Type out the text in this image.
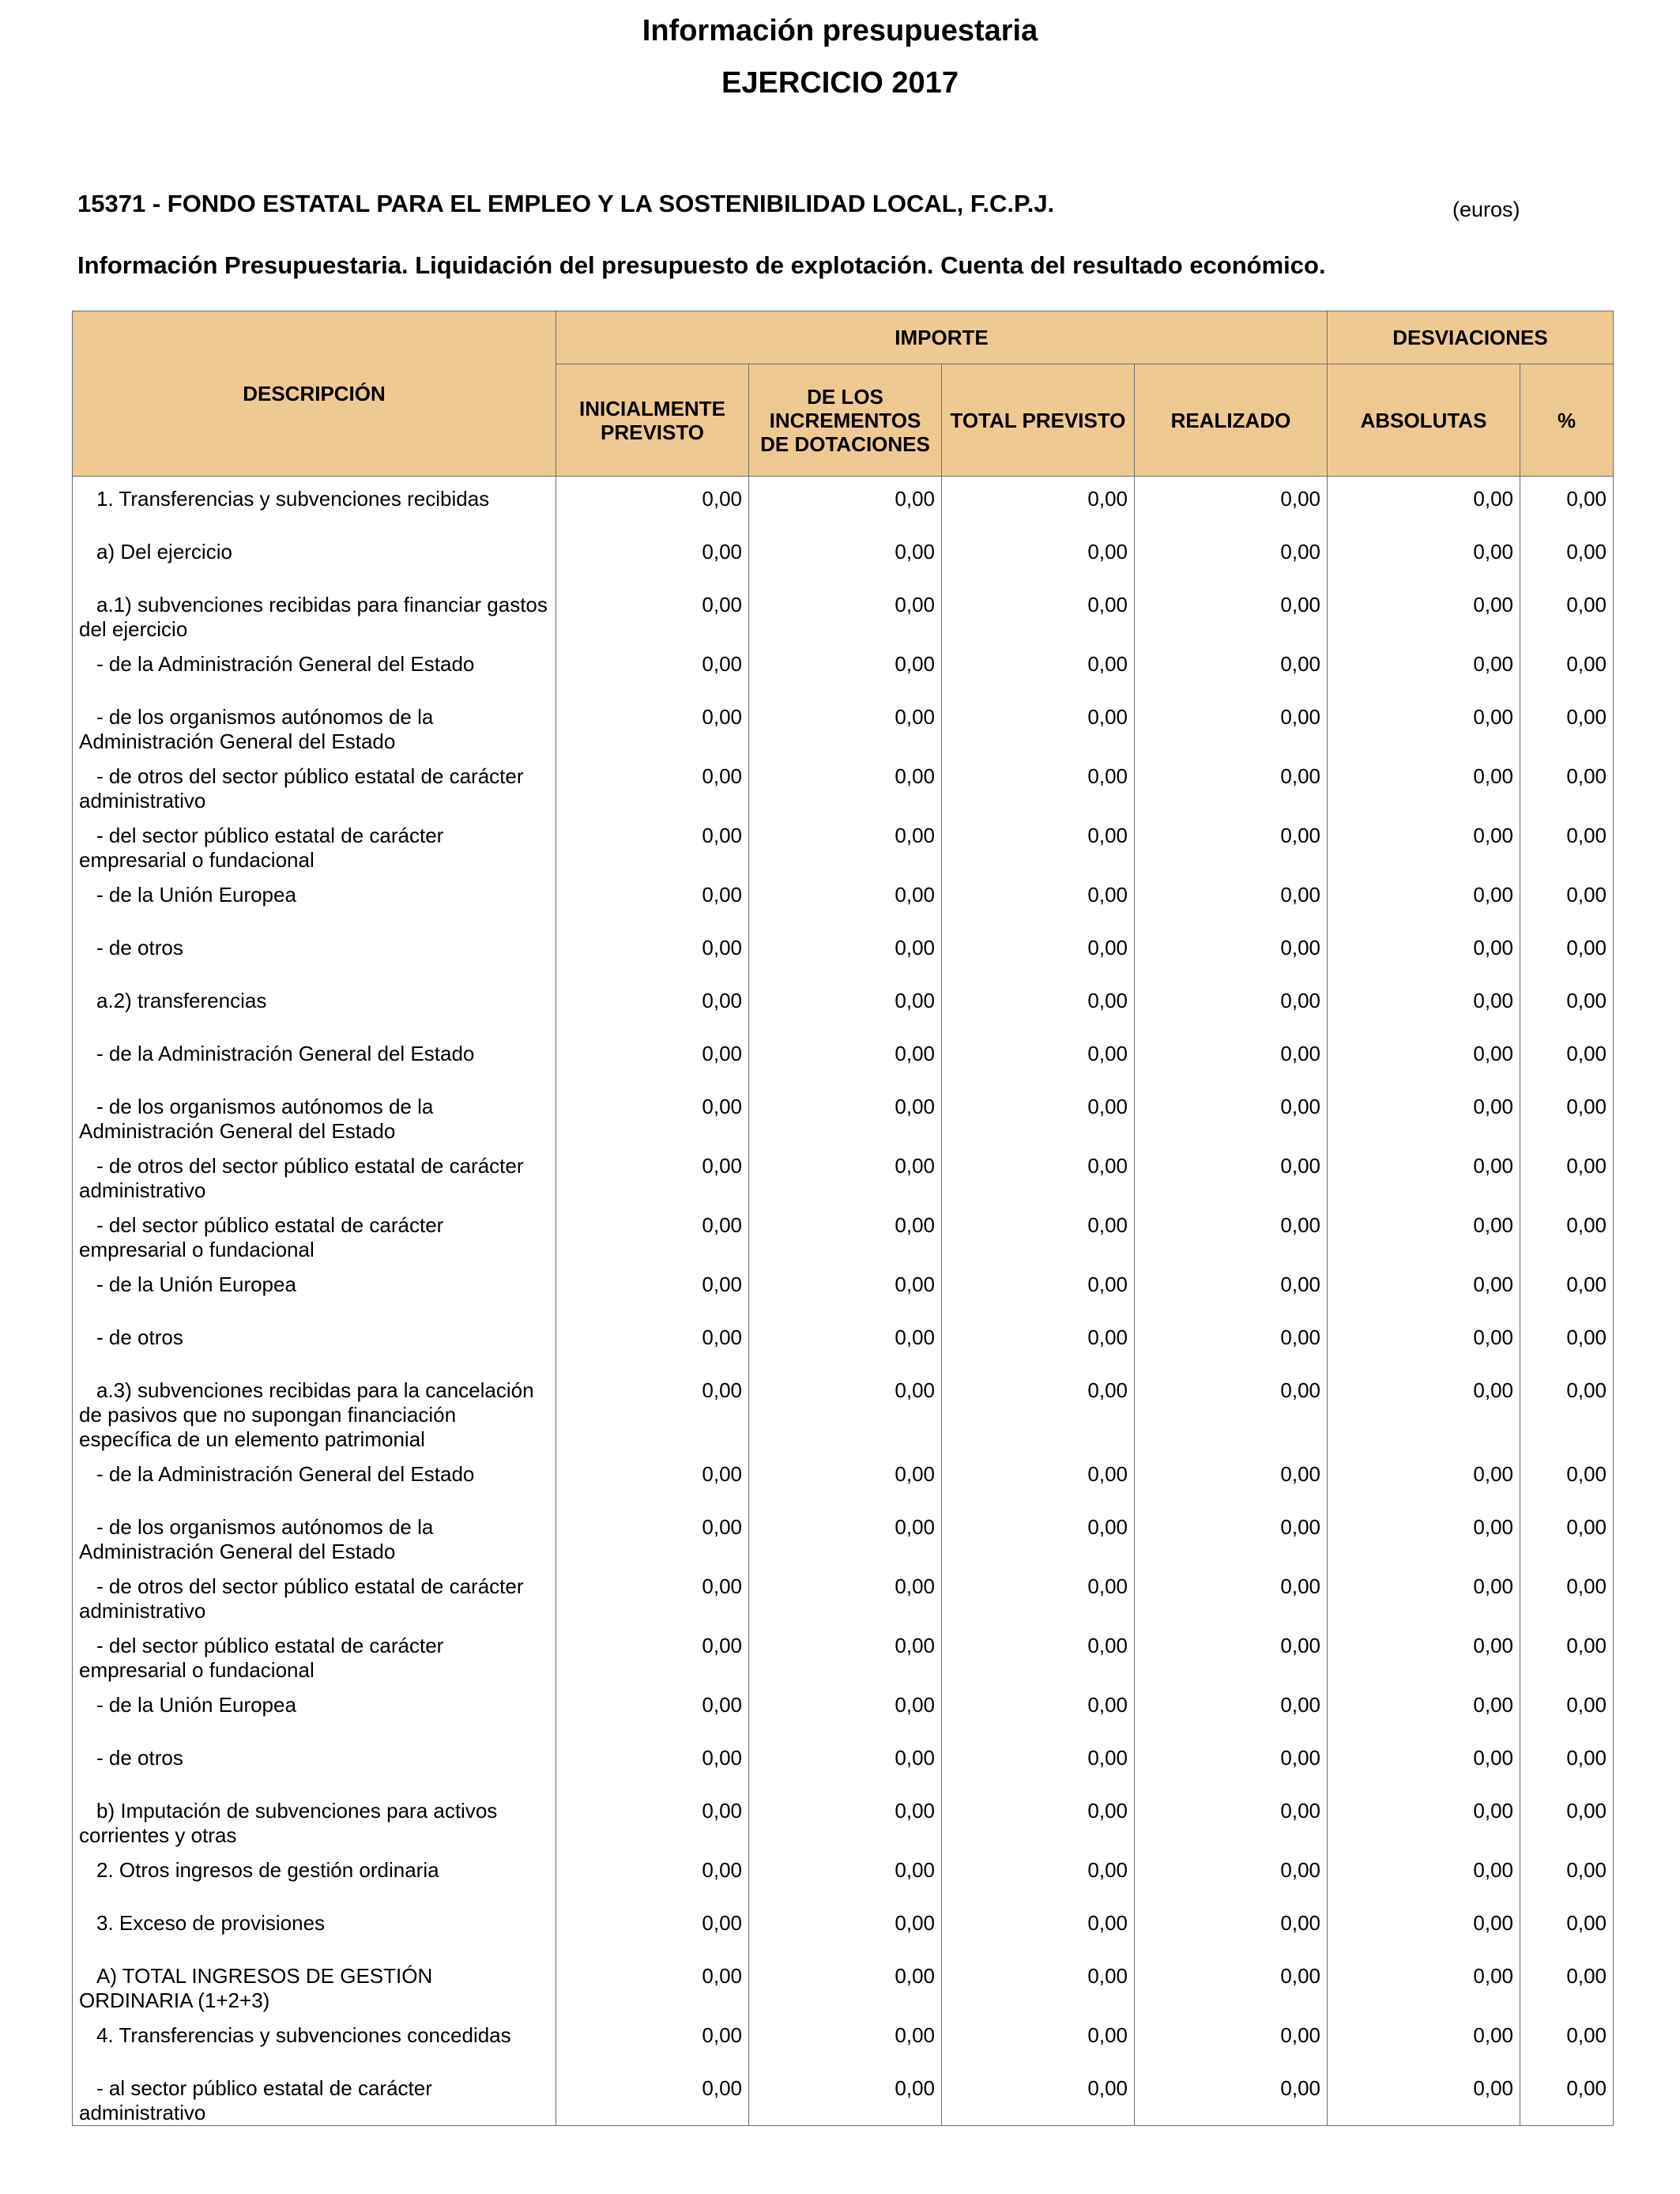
Información presupuestaria
EJERCICIO 2017
15371 - FONDO ESTATAL PARA EL EMPLEO Y LA SOSTENIBILIDAD LOCAL, F.C.P.J.	(euros)
Información Presupuestaria. Liquidación del presupuesto de explotación. Cuenta del resultado económico.
DESCRIPCIÓN	IMPORTE				DESVIACIONES	
	INICIALMENTE PREVISTO	DE LOS INCREMENTOS DE DOTACIONES	TOTAL PREVISTO	REALIZADO	ABSOLUTAS	%
1. Transferencias y subvenciones recibidas	0,00	0,00	0,00	0,00	0,00	0,00
a) Del ejercicio	0,00	0,00	0,00	0,00	0,00	0,00
a.1) subvenciones recibidas para financiar gastos del ejercicio	0,00	0,00	0,00	0,00	0,00	0,00
- de la Administración General del Estado	0,00	0,00	0,00	0,00	0,00	0,00
- de los organismos autónomos de la Administración General del Estado	0,00	0,00	0,00	0,00	0,00	0,00
- de otros del sector público estatal de carácter administrativo	0,00	0,00	0,00	0,00	0,00	0,00
- del sector público estatal de carácter empresarial o fundacional	0,00	0,00	0,00	0,00	0,00	0,00
- de la Unión Europea	0,00	0,00	0,00	0,00	0,00	0,00
- de otros	0,00	0,00	0,00	0,00	0,00	0,00
a.2) transferencias	0,00	0,00	0,00	0,00	0,00	0,00
- de la Administración General del Estado	0,00	0,00	0,00	0,00	0,00	0,00
- de los organismos autónomos de la Administración General del Estado	0,00	0,00	0,00	0,00	0,00	0,00
- de otros del sector público estatal de carácter administrativo	0,00	0,00	0,00	0,00	0,00	0,00
- del sector público estatal de carácter empresarial o fundacional	0,00	0,00	0,00	0,00	0,00	0,00
- de la Unión Europea	0,00	0,00	0,00	0,00	0,00	0,00
- de otros	0,00	0,00	0,00	0,00	0,00	0,00
a.3) subvenciones recibidas para la cancelación de pasivos que no supongan financiación específica de un elemento patrimonial	0,00	0,00	0,00	0,00	0,00	0,00
- de la Administración General del Estado	0,00	0,00	0,00	0,00	0,00	0,00
- de los organismos autónomos de la Administración General del Estado	0,00	0,00	0,00	0,00	0,00	0,00
- de otros del sector público estatal de carácter administrativo	0,00	0,00	0,00	0,00	0,00	0,00
- del sector público estatal de carácter empresarial o fundacional	0,00	0,00	0,00	0,00	0,00	0,00
- de la Unión Europea	0,00	0,00	0,00	0,00	0,00	0,00
- de otros	0,00	0,00	0,00	0,00	0,00	0,00
b) Imputación de subvenciones para activos corrientes y otras	0,00	0,00	0,00	0,00	0,00	0,00
2. Otros ingresos de gestión ordinaria	0,00	0,00	0,00	0,00	0,00	0,00
3. Exceso de provisiones	0,00	0,00	0,00	0,00	0,00	0,00
A) TOTAL INGRESOS DE GESTIÓN ORDINARIA (1+2+3)	0,00	0,00	0,00	0,00	0,00	0,00
4. Transferencias y subvenciones concedidas	0,00	0,00	0,00	0,00	0,00	0,00
- al sector público estatal de carácter administrativo	0,00	0,00	0,00	0,00	0,00	0,00
